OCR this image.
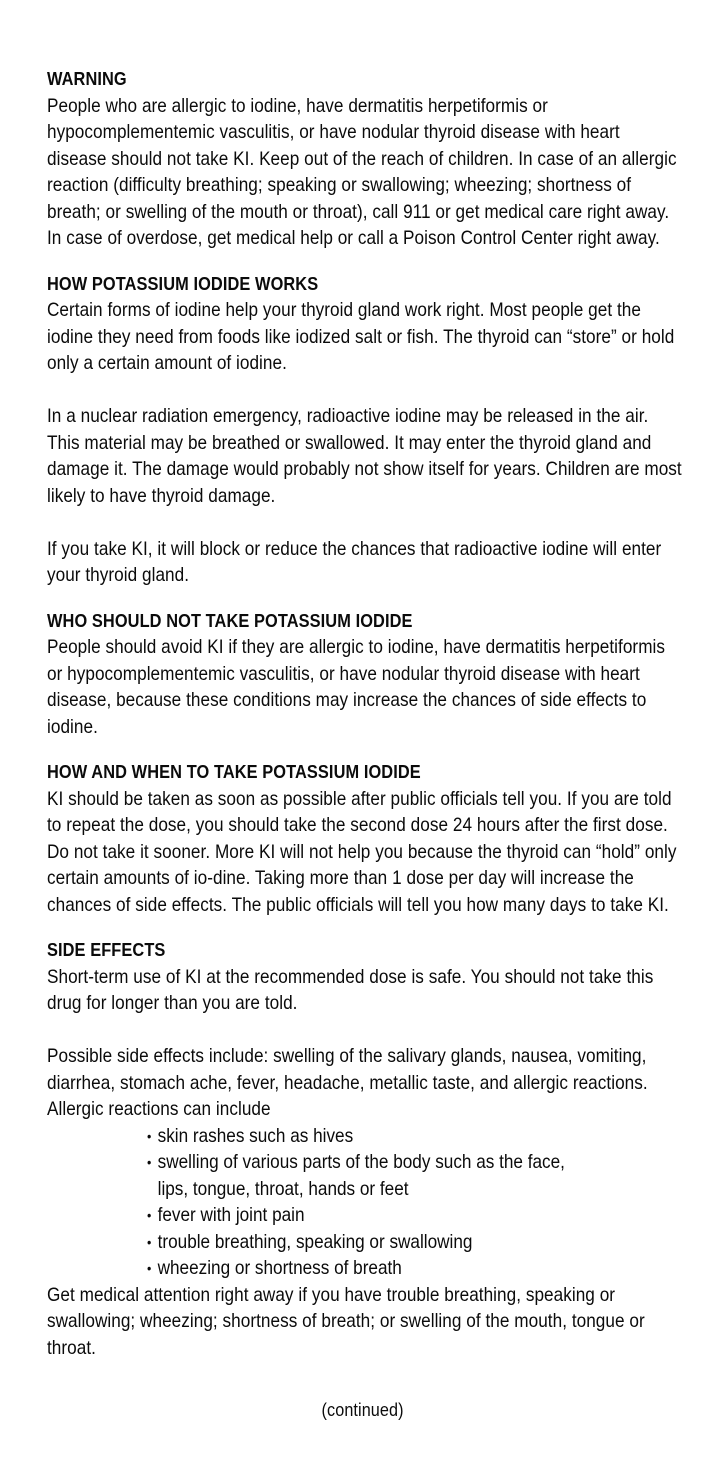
WARNING
People who are allergic to iodine, have dermatitis herpetiformis or hypocomplementemic vasculitis, or have nodular thyroid disease with heart disease should not take KI. Keep out of the reach of children. In case of an allergic reaction (difficulty breathing; speaking or swallowing; wheezing; shortness of breath; or swelling of the mouth or throat), call 911 or get medical care right away. In case of overdose, get medical help or call a Poison Control Center right away.
HOW POTASSIUM IODIDE WORKS
Certain forms of iodine help your thyroid gland work right. Most people get the iodine they need from foods like iodized salt or fish. The thyroid can “store” or hold only a certain amount of iodine.
In a nuclear radiation emergency, radioactive iodine may be released in the air. This material may be breathed or swallowed. It may enter the thyroid gland and damage it. The damage would probably not show itself for years. Children are most likely to have thyroid damage.
If you take KI, it will block or reduce the chances that radioactive iodine will enter your thyroid gland.
WHO SHOULD NOT TAKE POTASSIUM IODIDE
People should avoid KI if they are allergic to iodine, have dermatitis herpetiformis or hypocomplementemic vasculitis, or have nodular thyroid disease with heart disease, because these conditions may increase the chances of side effects to iodine.
HOW AND WHEN TO TAKE POTASSIUM IODIDE
KI should be taken as soon as possible after public officials tell you. If you are told to repeat the dose, you should take the second dose 24 hours after the first dose. Do not take it sooner. More KI will not help you because the thyroid can “hold” only certain amounts of io-dine. Taking more than 1 dose per day will increase the chances of side effects. The public officials will tell you how many days to take KI.
SIDE EFFECTS
Short-term use of KI at the recommended dose is safe. You should not take this drug for longer than you are told.
Possible side effects include: swelling of the salivary glands, nausea, vomiting, diarrhea, stomach ache, fever, headache, metallic taste, and allergic reactions. Allergic reactions can include
• skin rashes such as hives
• swelling of various parts of the body such as the face,
lips, tongue, throat, hands or feet
• fever with joint pain
• trouble breathing, speaking or swallowing
• wheezing or shortness of breath
Get medical attention right away if you have trouble breathing, speaking or swallowing; wheezing; shortness of breath; or swelling of the mouth, tongue or throat.
(continued)
